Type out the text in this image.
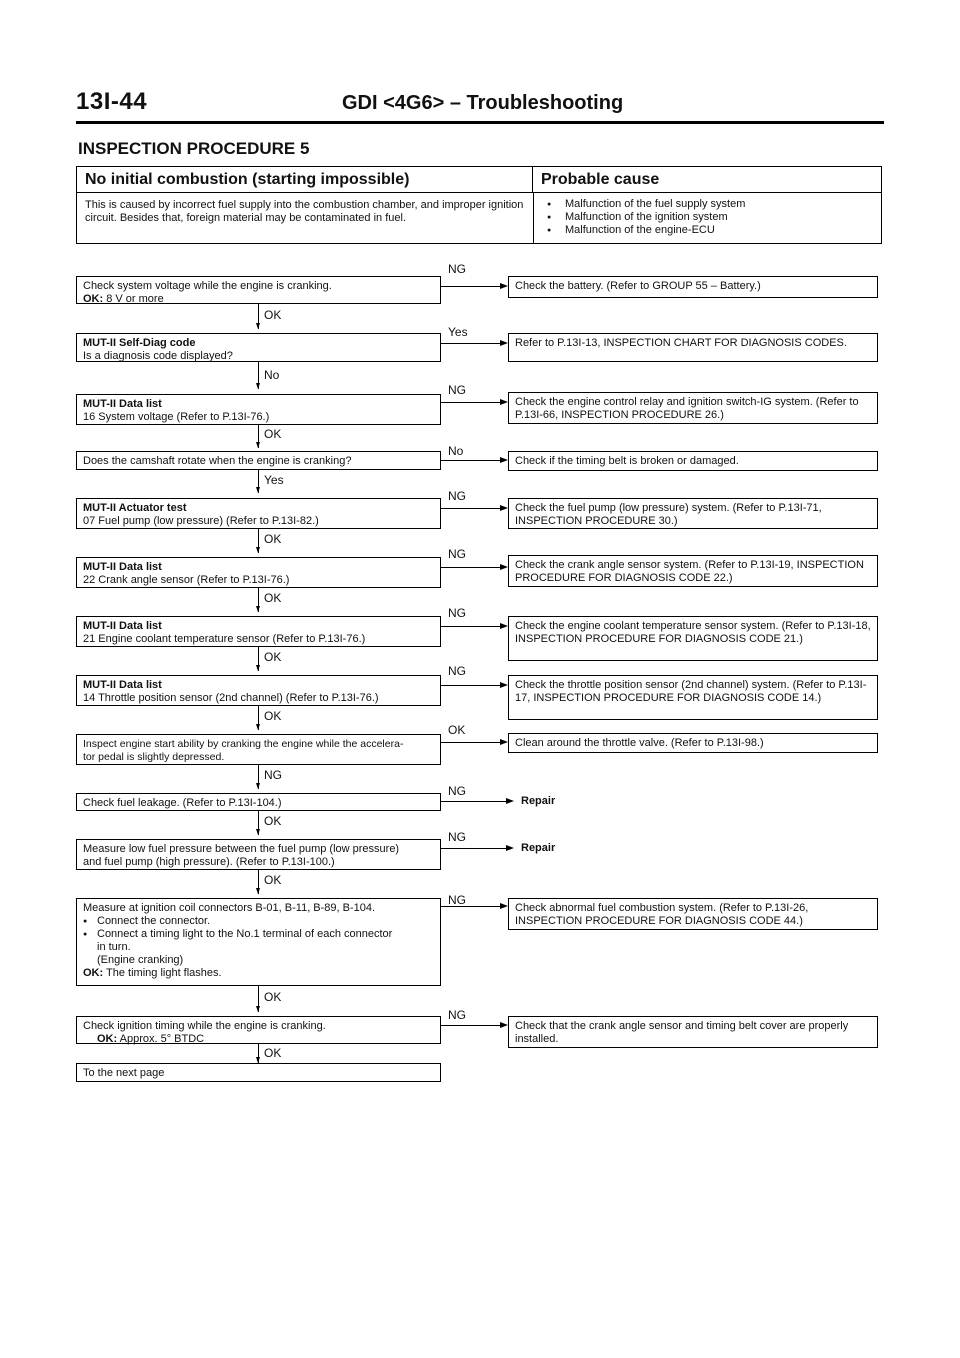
13I-44	GDI <4G6> – Troubleshooting
INSPECTION PROCEDURE 5
No initial combustion (starting impossible)	Probable cause
This is caused by incorrect fuel supply into the combustion chamber, and improper ignition circuit. Besides that, foreign material may be contaminated in fuel.
● Malfunction of the fuel supply system
● Malfunction of the ignition system
● Malfunction of the engine-ECU
OK
No
OK
Yes
OK
OK
OK
OK
NG
OK
OK
OK
OK
Check system voltage while the engine is cranking.
OK: 8 V or more
NG
Check the battery. (Refer to GROUP 55 – Battery.)
MUT-II Self-Diag code
Is a diagnosis code displayed?
Yes
Refer to P.13I-13, INSPECTION CHART FOR DIAGNOSIS CODES.
MUT-II Data list
16 System voltage (Refer to P.13I-76.)
NG
Check the engine control relay and ignition switch-IG system. (Refer to P.13I-66, INSPECTION PROCEDURE 26.)
Does the camshaft rotate when the engine is cranking?
No
Check if the timing belt is broken or damaged.
MUT-II Actuator test
07 Fuel pump (low pressure) (Refer to P.13I-82.)
NG
Check the fuel pump (low pressure) system. (Refer to P.13I-71, INSPECTION PROCEDURE 30.)
MUT-II Data list
22 Crank angle sensor (Refer to P.13I-76.)
NG
Check the crank angle sensor system. (Refer to P.13I-19, INSPECTION PROCEDURE FOR DIAGNOSIS CODE 22.)
MUT-II Data list
21 Engine coolant temperature sensor (Refer to P.13I-76.)
NG
Check the engine coolant temperature sensor system. (Refer to P.13I-18, INSPECTION PROCEDURE FOR DIAGNOSIS CODE 21.)
MUT-II Data list
14 Throttle position sensor (2nd channel) (Refer to P.13I-76.)
NG
Check the throttle position sensor (2nd channel) system. (Refer to P.13I-17, INSPECTION PROCEDURE FOR DIAGNOSIS CODE 14.)
Inspect engine start ability by cranking the engine while the accelera-
tor pedal is slightly depressed.
OK
Clean around the throttle valve. (Refer to P.13I-98.)
Check fuel leakage. (Refer to P.13I-104.)
NG
Repair
Measure low fuel pressure between the fuel pump (low pressure)
and fuel pump (high pressure). (Refer to P.13I-100.)
NG
Repair
Measure at ignition coil connectors B-01, B-11, B-89, B-104.
● Connect the connector.
● Connect a timing light to the No.1 terminal of each connector
in turn.
(Engine cranking)
OK: The timing light flashes.
NG
Check abnormal fuel combustion system. (Refer to P.13I-26, INSPECTION PROCEDURE FOR DIAGNOSIS CODE 44.)
Check ignition timing while the engine is cranking.
OK: Approx. 5° BTDC
NG
Check that the crank angle sensor and timing belt cover are properly installed.
To the next page
